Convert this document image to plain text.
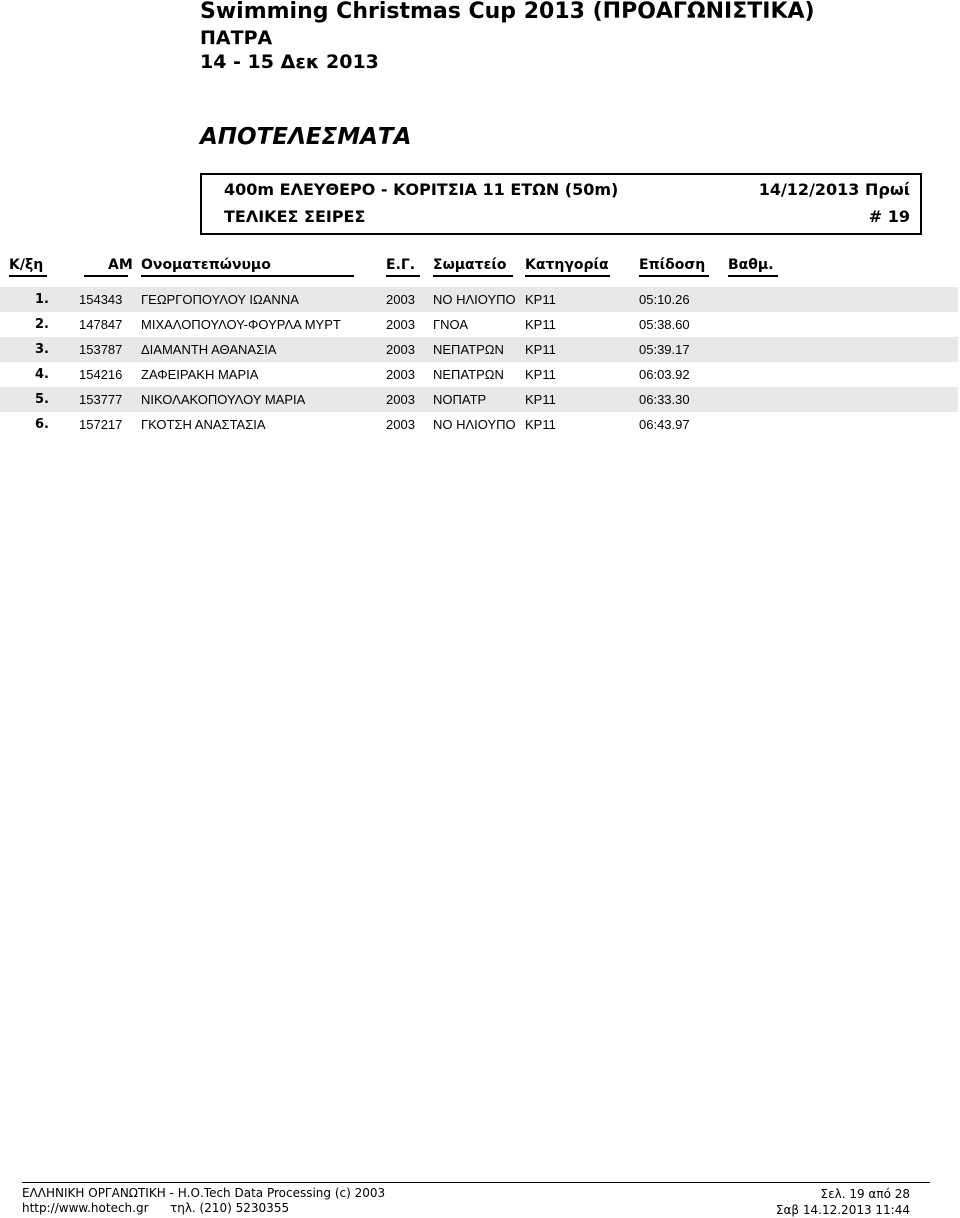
Swimming Christmas Cup 2013 (ΠΡΟΑΓΩΝΙΣΤΙΚΑ)
ΠΑΤΡΑ
14 - 15 Δεκ 2013
ΑΠΟΤΕΛΕΣΜΑΤΑ
400m ΕΛΕΥΘΕΡΟ - ΚΟΡΙΤΣΙΑ 11 ΕΤΩΝ (50m)	14/12/2013 Πρωί
ΤΕΛΙΚΕΣ ΣΕΙΡΕΣ	# 19
Κ/ξη	ΑΜ Ονοματεπώνυμο	Ε.Γ. Σωματείο Κατηγορία Επίδοση Βαθμ.
1. 154343 ΓΕΩΡΓΟΠΟΥΛΟΥ ΙΩΑΝΝΑ	2003 ΝΟ ΗΛΙΟΥΠΟ ΚΡ11	05:10.26
2. 147847 ΜΙΧΑΛΟΠΟΥΛΟΥ-ΦΟΥΡΛΑ ΜΥΡΤ	2003 ΓΝΟΑ	ΚΡ11	05:38.60
3. 153787 ΔΙΑΜΑΝΤΗ ΑΘΑΝΑΣΙΑ	2003 ΝΕΠΑΤΡΩΝ ΚΡ11	05:39.17
4. 154216 ΖΑΦΕΙΡΑΚΗ ΜΑΡΙΑ	2003 ΝΕΠΑΤΡΩΝ ΚΡ11	06:03.92
5. 153777 ΝΙΚΟΛΑΚΟΠΟΥΛΟΥ ΜΑΡΙΑ	2003 ΝΟΠΑΤΡ	ΚΡ11	06:33.30
6. 157217 ΓΚΟΤΣΗ ΑΝΑΣΤΑΣΙΑ	2003 ΝΟ ΗΛΙΟΥΠΟ ΚΡ11	06:43.97
ΕΛΛΗΝΙΚΗ ΟΡΓΑΝΩΤΙΚΗ - Η.Ο.Tech Data Processing (c) 2003
http://www.hotech.gr τηλ. (210) 5230355
Σελ. 19 από 28
Σαβ 14.12.2013 11:44
